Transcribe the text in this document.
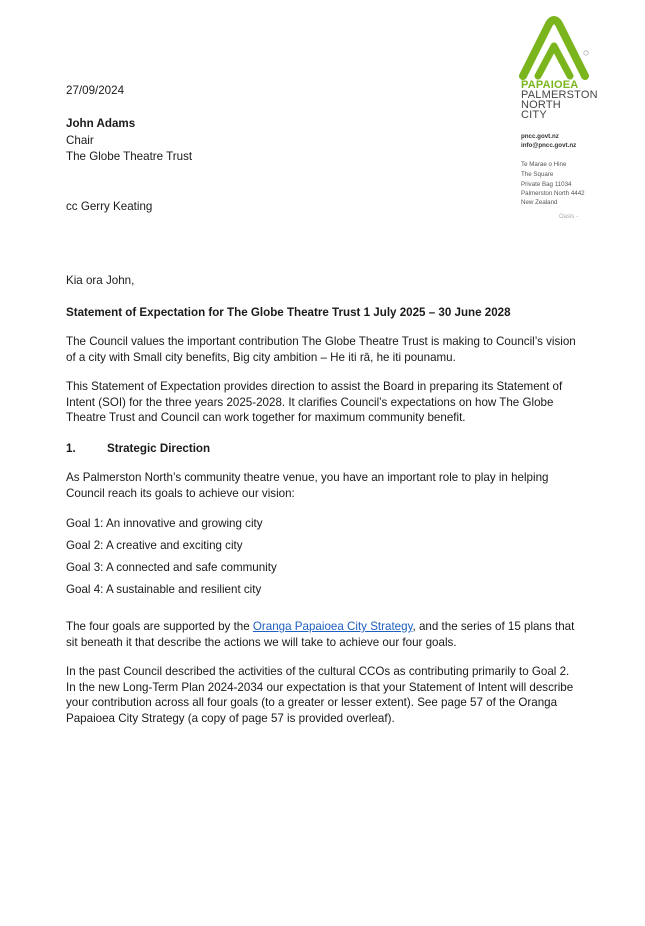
PAPAIOEA
PALMERSTON
NORTH
CITY
pncc.govt.nz
info@pncc.govt.nz
Te Marae o Hine
The Square
Private Bag 11034
Palmerston North 4442
New Zealand
Oasis -

27/09/2024

John Adams

Chair

The Globe Theatre Trust

cc Gerry Keating

Kia ora John,

Statement of Expectation for The Globe Theatre Trust 1 July 2025 – 30 June 2028

The Council values the important contribution The Globe Theatre Trust is making to Council’s vision of a city with Small city benefits, Big city ambition – He iti rā, he iti pounamu.

This Statement of Expectation provides direction to assist the Board in preparing its Statement of Intent (SOI) for the three years 2025-2028. It clarifies Council’s expectations on how The Globe Theatre Trust and Council can work together for maximum community benefit.

1.	Strategic Direction

As Palmerston North’s community theatre venue, you have an important role to play in helping Council reach its goals to achieve our vision:

Goal 1: An innovative and growing city

Goal 2: A creative and exciting city

Goal 3: A connected and safe community

Goal 4: A sustainable and resilient city

The four goals are supported by the Oranga Papaioea City Strategy, and the series of 15 plans that sit beneath it that describe the actions we will take to achieve our four goals.

In the past Council described the activities of the cultural CCOs as contributing primarily to Goal 2. In the new Long-Term Plan 2024-2034 our expectation is that your Statement of Intent will describe your contribution across all four goals (to a greater or lesser extent). See page 57 of the Oranga Papaioea City Strategy (a copy of page 57 is provided overleaf).
